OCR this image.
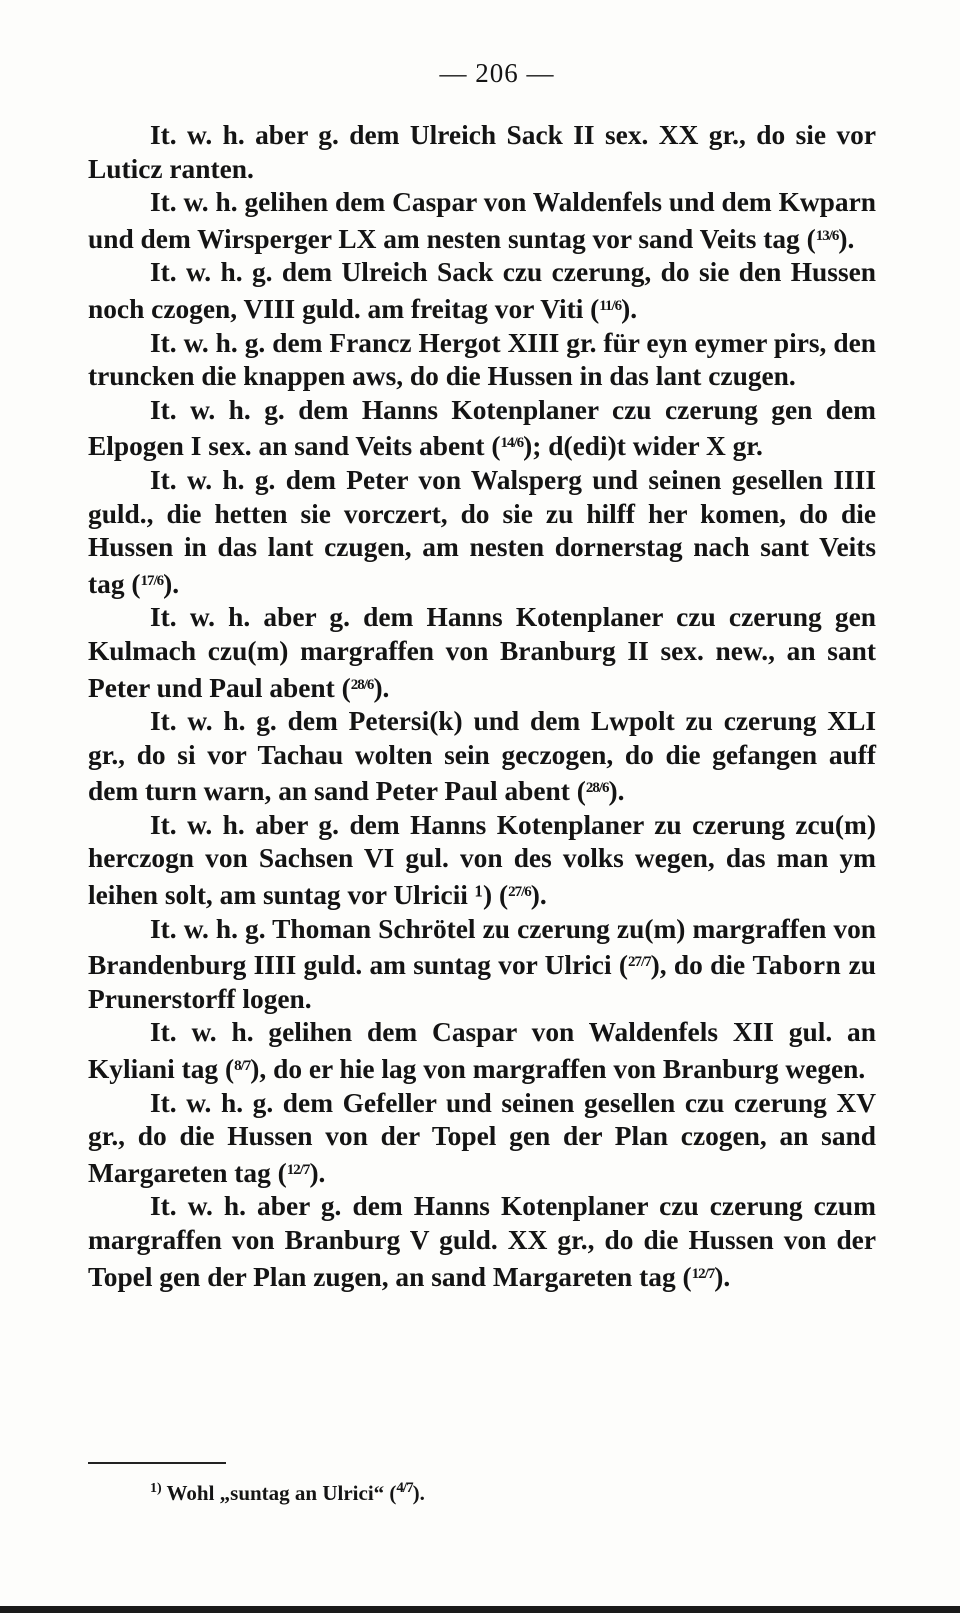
— 206 —

It. w. h. aber g. dem Ulreich Sack II sex. XX gr., do sie vor Luticz ranten.

It. w. h. gelihen dem Caspar von Waldenfels und dem Kwparn und dem Wirsperger LX am nesten suntag vor sand Veits tag ($^{13/6}$).

It. w. h. g. dem Ulreich Sack czu czerung, do sie den Hussen noch czogen, VIII guld. am freitag vor Viti ($^{11/6}$).

It. w. h. g. dem Francz Hergot XIII gr. für eyn eymer pirs, den truncken die knappen aws, do die Hussen in das lant czugen.

It. w. h. g. dem Hanns Kotenplaner czu czerung gen dem Elpogen I sex. an sand Veits abent ($^{14/6}$); d(edi)t wider X gr.

It. w. h. g. dem Peter von Walsperg und seinen gesellen IIII guld., die hetten sie vorczert, do sie zu hilff her komen, do die Hussen in das lant czugen, am nesten dornerstag nach sant Veits tag ($^{17/6}$).

It. w. h. aber g. dem Hanns Kotenplaner czu czerung gen Kulmach czu(m) margraffen von Branburg II sex. new., an sant Peter und Paul abent ($^{28/6}$).

It. w. h. g. dem Petersi(k) und dem Lwpolt zu czerung XLI gr., do si vor Tachau wolten sein geczogen, do die gefangen auff dem turn warn, an sand Peter Paul abent ($^{28/6}$).

It. w. h. aber g. dem Hanns Kotenplaner zu czerung zcu(m) herczogn von Sachsen VI gul. von des volks wegen, das man ym leihen solt, am suntag vor Ulricii ¹) ($^{27/6}$).

It. w. h. g. Thoman Schrötel zu czerung zu(m) margraffen von Brandenburg IIII guld. am suntag vor Ulrici ($^{27/7}$), do die Taborn zu Prunerstorff logen.

It. w. h. gelihen dem Caspar von Waldenfels XII gul. an Kyliani tag ($^{8/7}$), do er hie lag von margraffen von Branburg wegen.

It. w. h. g. dem Gefeller und seinen gesellen czu czerung XV gr., do die Hussen von der Topel gen der Plan czogen, an sand Margareten tag ($^{12/7}$).

It. w. h. aber g. dem Hanns Kotenplaner czu czerung czum margraffen von Branburg V guld. XX gr., do die Hussen von der Topel gen der Plan zugen, an sand Margareten tag ($^{12/7}$).

$^{1)}$ Wohl „suntag an Ulrici“ ($^{4/7}$).
